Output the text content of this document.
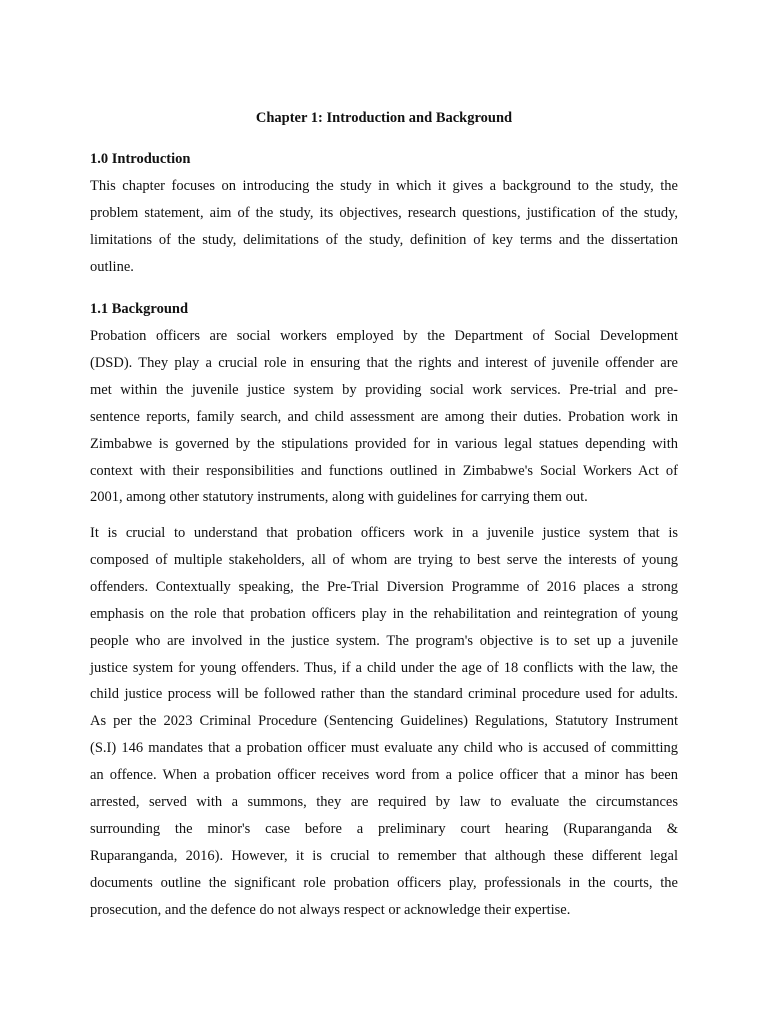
Chapter 1: Introduction and Background
1.0 Introduction

This chapter focuses on introducing the study in which it gives a background to the study, the
problem statement, aim of the study, its objectives, research questions, justification of the study,
limitations of the study, delimitations of the study, definition of key terms and the dissertation
outline.

1.1 Background

Probation officers are social workers employed by the Department of Social Development
(DSD). They play a crucial role in ensuring that the rights and interest of juvenile offender are
met within the juvenile justice system by providing social work services. Pre-trial and pre-
sentence reports, family search, and child assessment are among their duties. Probation work in
Zimbabwe is governed by the stipulations provided for in various legal statues depending with
context with their responsibilities and functions outlined in Zimbabwe's Social Workers Act of
2001, among other statutory instruments, along with guidelines for carrying them out.

It is crucial to understand that probation officers work in a juvenile justice system that is
composed of multiple stakeholders, all of whom are trying to best serve the interests of young
offenders. Contextually speaking, the Pre-Trial Diversion Programme of 2016 places a strong
emphasis on the role that probation officers play in the rehabilitation and reintegration of young
people who are involved in the justice system. The program's objective is to set up a juvenile
justice system for young offenders. Thus, if a child under the age of 18 conflicts with the law, the
child justice process will be followed rather than the standard criminal procedure used for adults.
As per the 2023 Criminal Procedure (Sentencing Guidelines) Regulations, Statutory Instrument
(S.I) 146 mandates that a probation officer must evaluate any child who is accused of committing
an offence. When a probation officer receives word from a police officer that a minor has been
arrested, served with a summons, they are required by law to evaluate the circumstances
surrounding the minor's case before a preliminary court hearing (Ruparanganda &
Ruparanganda, 2016). However, it is crucial to remember that although these different legal
documents outline the significant role probation officers play, professionals in the courts, the
prosecution, and the defence do not always respect or acknowledge their expertise.
